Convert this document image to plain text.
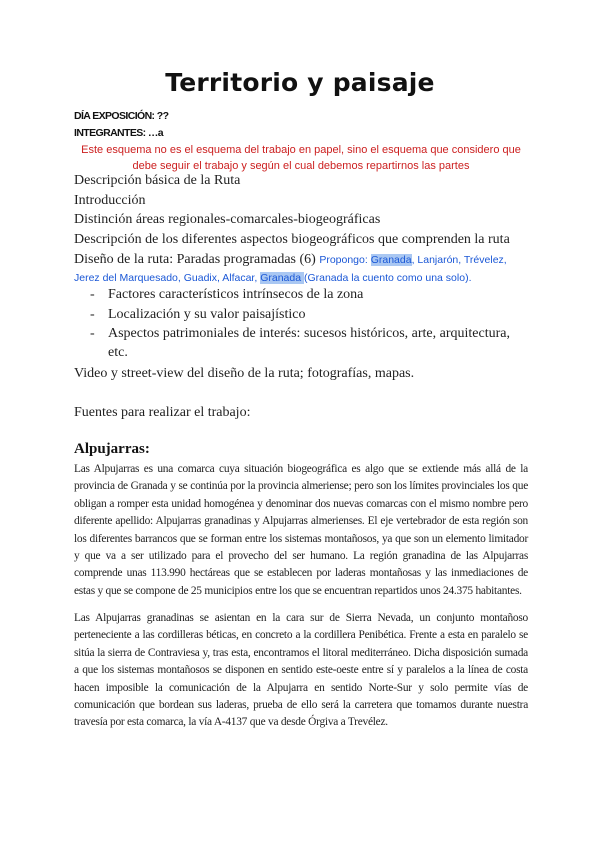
Territorio y paisaje
DÍA EXPOSICIÓN: ??
INTEGRANTES: …a
Este esquema no es el esquema del trabajo en papel, sino el esquema que considero que debe seguir el trabajo y según el cual debemos repartirnos las partes
Descripción básica de la Ruta
Introducción
Distinción áreas regionales-comarcales-biogeográficas
Descripción de los diferentes aspectos biogeográficos que comprenden la ruta
Diseño de la ruta: Paradas programadas (6) Propongo: Granada, Lanjarón, Trévelez,
Jerez del Marquesado, Guadix, Alfacar, Granada (Granada la cuento como una solo).
- Factores característicos intrínsecos de la zona
- Localización y su valor paisajístico
- Aspectos patrimoniales de interés: sucesos históricos, arte, arquitectura,
etc.
Video y street-view del diseño de la ruta; fotografías, mapas.
Fuentes para realizar el trabajo:
Alpujarras:
Las Alpujarras es una comarca cuya situación biogeográfica es algo que se extiende más allá de la provincia de Granada y se continúa por la provincia almeriense; pero son los límites provinciales los que obligan a romper esta unidad homogénea y denominar dos nuevas comarcas con el mismo nombre pero diferente apellido: Alpujarras granadinas y Alpujarras almerienses. El eje vertebrador de esta región son los diferentes barrancos que se forman entre los sistemas montañosos, ya que son un elemento limitador y que va a ser utilizado para el provecho del ser humano. La región granadina de las Alpujarras comprende unas 113.990 hectáreas que se establecen por laderas montañosas y las inmediaciones de estas y que se compone de 25 municipios entre los que se encuentran repartidos unos 24.375 habitantes.
Las Alpujarras granadinas se asientan en la cara sur de Sierra Nevada, un conjunto montañoso perteneciente a las cordilleras béticas, en concreto a la cordillera Penibética. Frente a esta en paralelo se sitúa la sierra de Contraviesa y, tras esta, encontramos el litoral mediterráneo. Dicha disposición sumada a que los sistemas montañosos se disponen en sentido este-oeste entre sí y paralelos a la línea de costa hacen imposible la comunicación de la Alpujarra en sentido Norte-Sur y solo permite vías de comunicación que bordean sus laderas, prueba de ello será la carretera que tomamos durante nuestra travesía por esta comarca, la vía A-4137 que va desde Órgiva a Trevélez.
